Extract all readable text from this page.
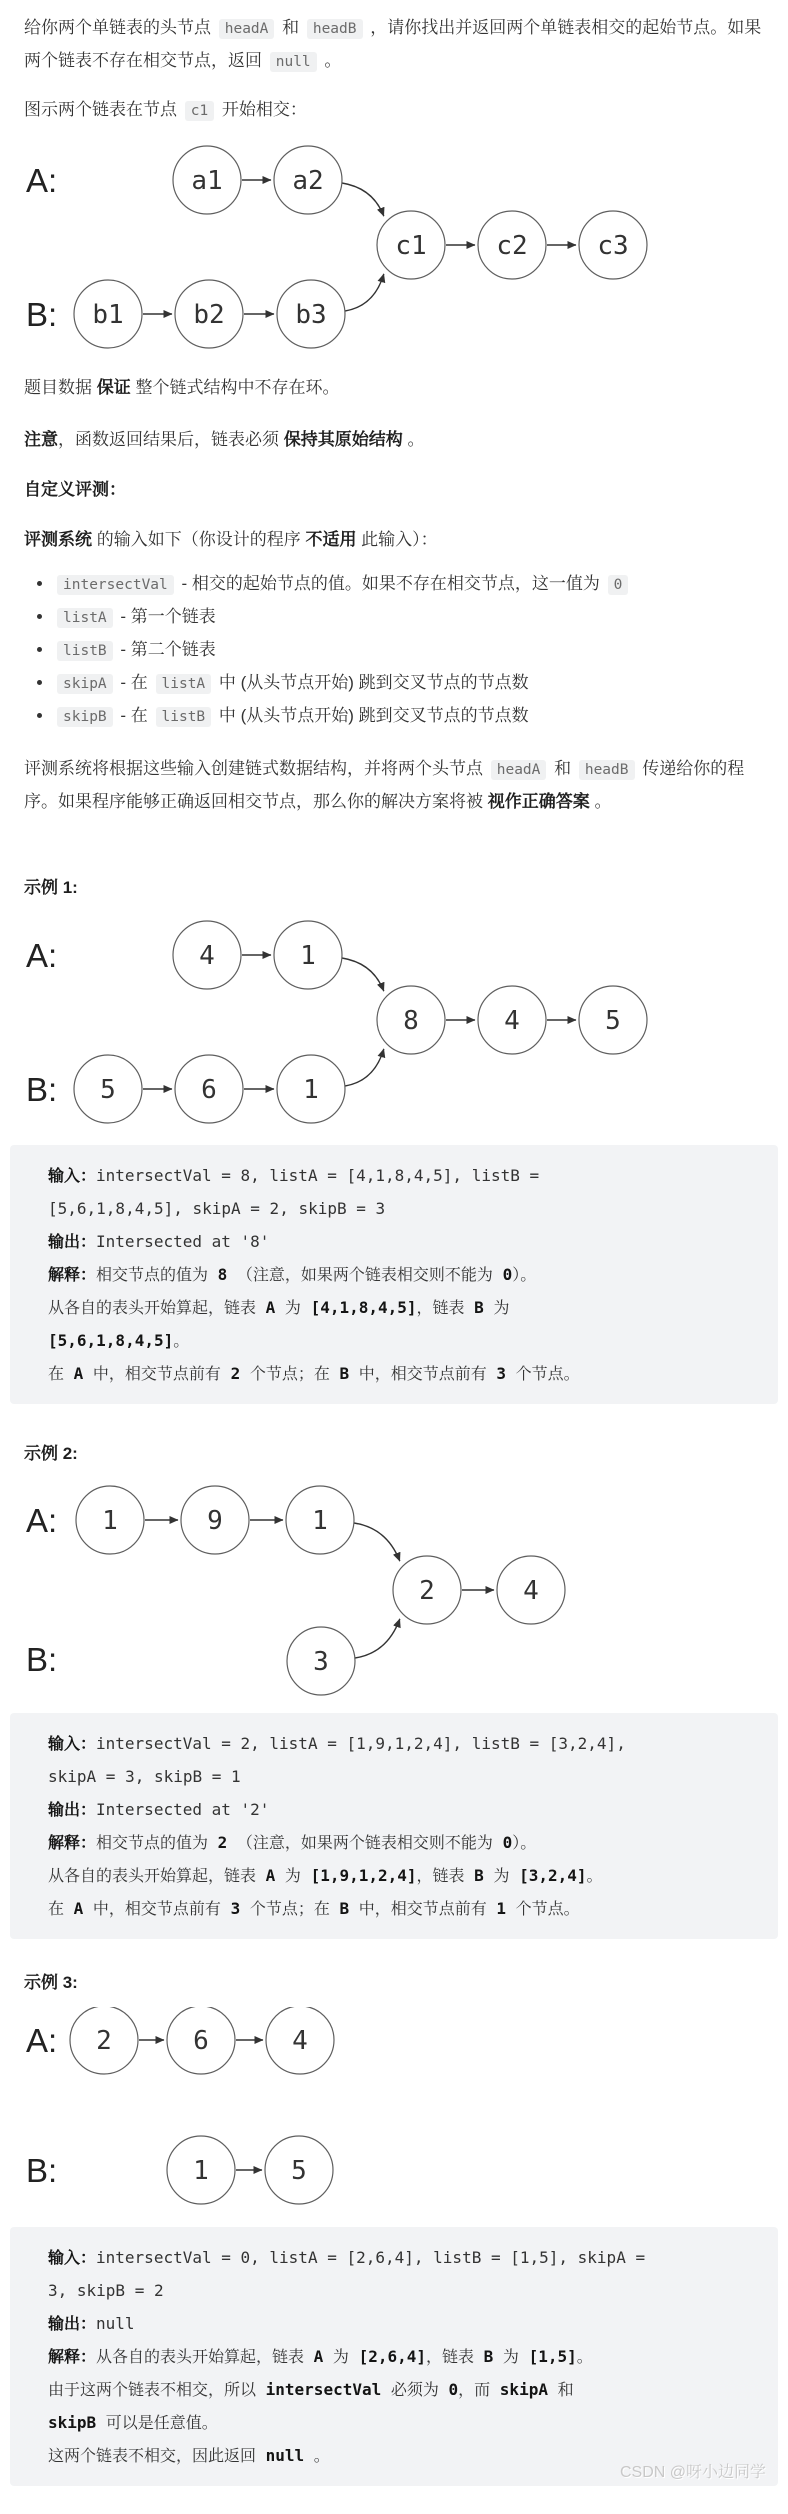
给你两个单链表的头节点 headA 和 headB ，请你找出并返回两个单链表相交的起始节点。如果两个链表不存在相交节点，返回 null 。

图示两个链表在节点 c1 开始相交：

A:
B:
a1	a2
c1	c2	c3
b1	b2	b3

题目数据 保证 整个链式结构中不存在环。

注意，函数返回结果后，链表必须 保持其原始结构 。

自定义评测：

评测系统 的输入如下（你设计的程序 不适用 此输入）：

• intersectVal - 相交的起始节点的值。如果不存在相交节点，这一值为 0
• listA - 第一个链表
• listB - 第二个链表
• skipA - 在 listA 中 (从头节点开始) 跳到交叉节点的节点数
• skipB - 在 listB 中 (从头节点开始) 跳到交叉节点的节点数

评测系统将根据这些输入创建链式数据结构，并将两个头节点 headA 和 headB 传递给你的程序。如果程序能够正确返回相交节点，那么你的解决方案将被 视作正确答案 。

示例 1:
A:
B:
4	1
8	4	5
5	6	1
输入：intersectVal = 8, listA = [4,1,8,4,5], listB =
[5,6,1,8,4,5], skipA = 2, skipB = 3
输出：Intersected at '8'
解释：相交节点的值为 8 （注意，如果两个链表相交则不能为 0）。
从各自的表头开始算起，链表 A 为 [4,1,8,4,5]，链表 B 为
[5,6,1,8,4,5]。
在 A 中，相交节点前有 2 个节点；在 B 中，相交节点前有 3 个节点。
示例 2:
A:
B:
1	9	1
2	4
3
输入：intersectVal = 2, listA = [1,9,1,2,4], listB = [3,2,4],
skipA = 3, skipB = 1
输出：Intersected at '2'
解释：相交节点的值为 2 （注意，如果两个链表相交则不能为 0）。
从各自的表头开始算起，链表 A 为 [1,9,1,2,4]，链表 B 为 [3,2,4]。
在 A 中，相交节点前有 3 个节点；在 B 中，相交节点前有 1 个节点。
示例 3:
A:
B:
2	6	4
1	5
输入：intersectVal = 0, listA = [2,6,4], listB = [1,5], skipA =
3, skipB = 2
输出：null
解释：从各自的表头开始算起，链表 A 为 [2,6,4]，链表 B 为 [1,5]。
由于这两个链表不相交，所以 intersectVal 必须为 0，而 skipA 和
skipB 可以是任意值。
这两个链表不相交，因此返回 null 。
CSDN @呀小边同学
